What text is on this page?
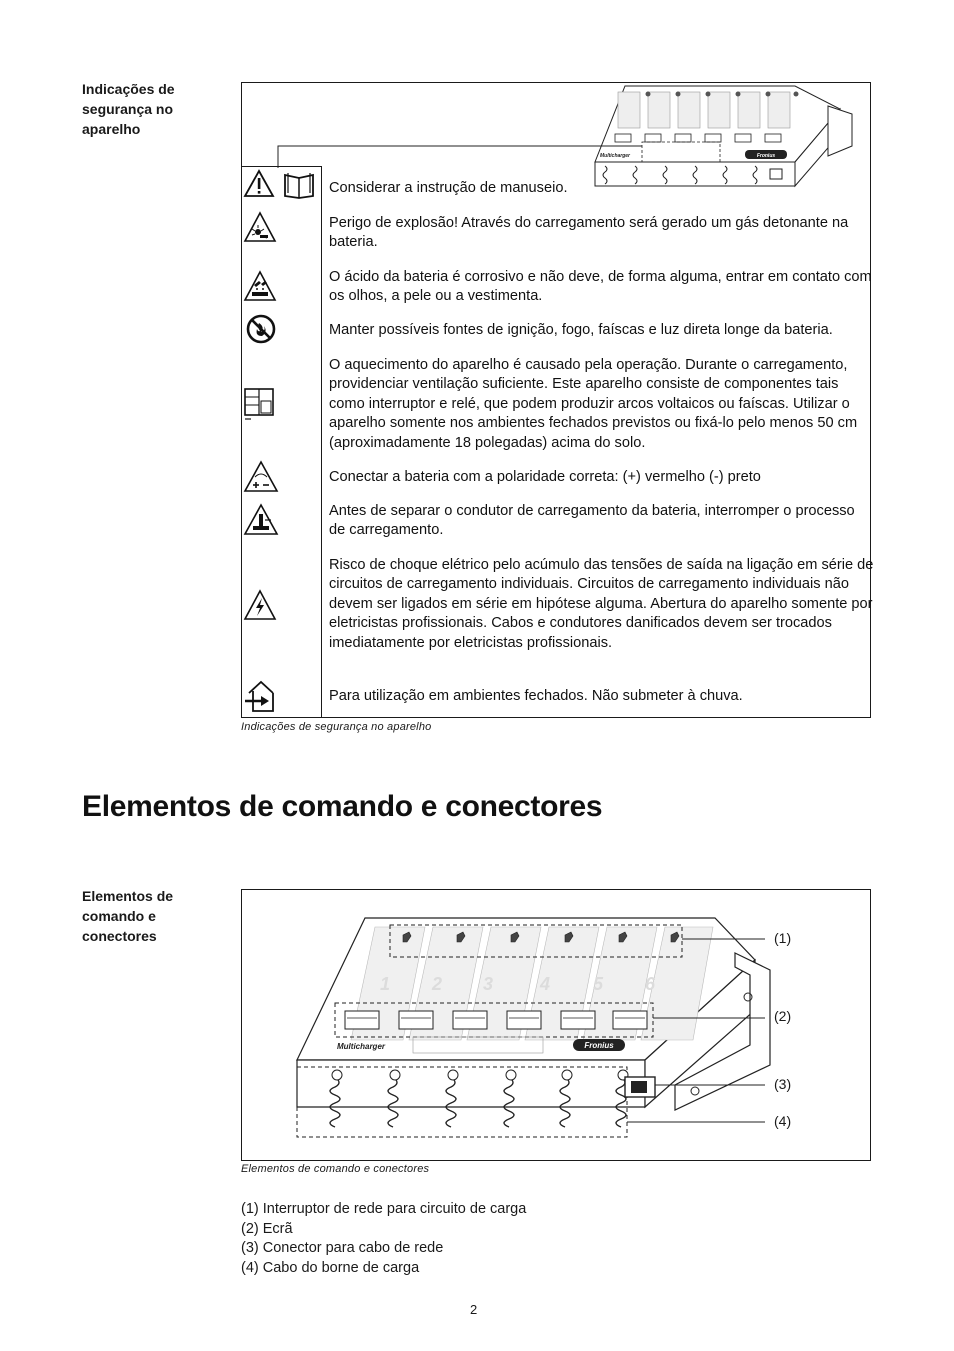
Indicações de segurança no aparelho
Multicharger	Fronius
Considerar a instrução de manuseio.
Perigo de explosão! Através do carregamento será gerado um gás detonante na bateria.
O ácido da bateria é corrosivo e não deve, de forma alguma, entrar em contato com os olhos, a pele ou a vestimenta.
Manter possíveis fontes de ignição, fogo, faíscas e luz direta longe da bateria.
O aquecimento do aparelho é causado pela operação. Durante o carregamento, providenciar ventilação suficiente. Este aparelho consiste de componentes tais como interruptor e relé, que podem produzir arcos voltaicos ou faíscas. Utilizar o aparelho somente nos ambientes fechados previstos ou fixá-lo pelo menos 50 cm (aproximadamente 18 polegadas) acima do solo.
Conectar a bateria com a polaridade correta: (+) vermelho (-) preto
Antes de separar o condutor de carregamento da bateria, interromper o processo de carregamento.
Risco de choque elétrico pelo acúmulo das tensões de saída na ligação em série de circuitos de carregamento individuais. Circuitos de carregamento individuais não devem ser ligados em série em hipótese alguma. Abertura do aparelho somente por eletricistas profissionais. Cabos e condutores danificados devem ser trocados imediatamente por eletricistas profissionais.
Para utilização em ambientes fechados. Não submeter à chuva.
Indicações de segurança no aparelho
Elementos de comando e conectores
Elementos de comando e conectores
1 2 3	4 5 6
Multicharger	Fronius
(1)
(2)
(3)
(4)
Elementos de comando e conectores
(1) Interruptor de rede para circuito de carga
(2) Ecrã
(3) Conector para cabo de rede
(4) Cabo do borne de carga
2
